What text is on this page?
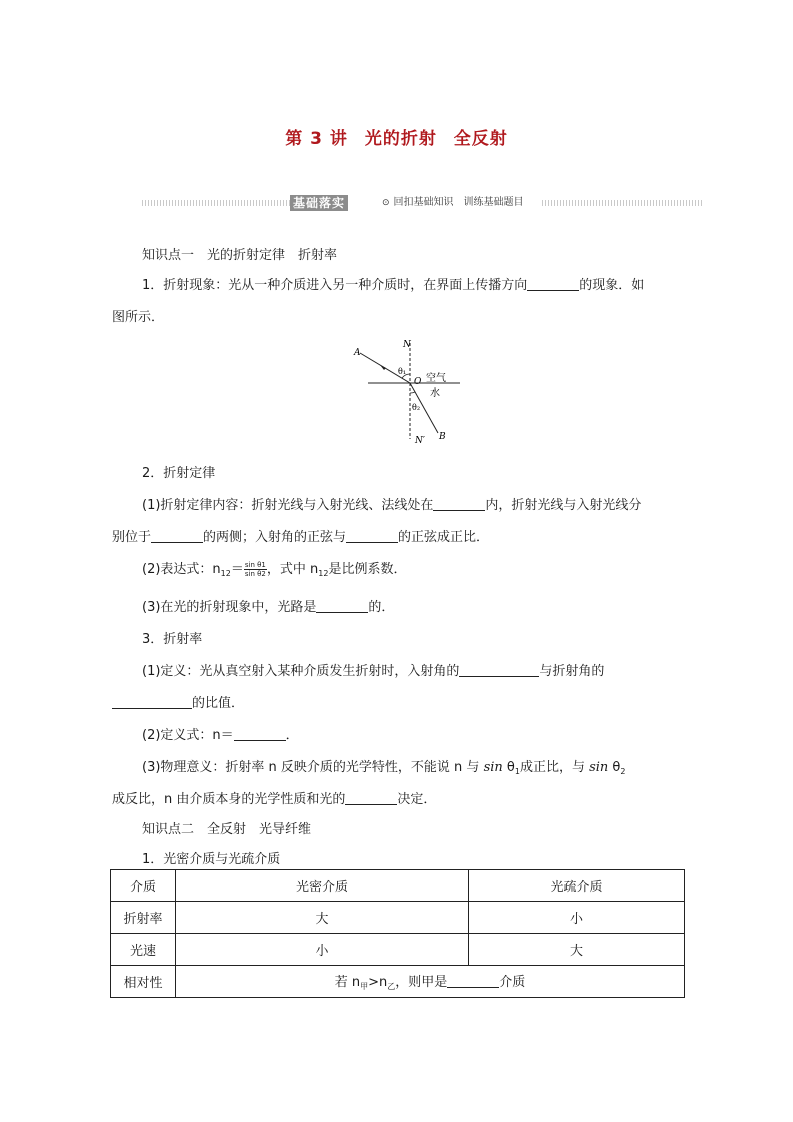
第 3 讲 光的折射 全反射
基础落实	⊙ 回扣基础知识　训练基础题目
知识点一　光的折射定律　折射率
1．折射现象：光从一种介质进入另一种介质时，在界面上传播方向	的现象．如
图所示．
A
N
O
θ₁
θ₂
空气
水
N′ B
2．折射定律
(1)折射定律内容：折射光线与入射光线、法线处在	内，折射光线与入射光线分
别位于	的两侧；入射角的正弦与	的正弦成正比．
(2)表达式：$n_{12}= \frac{\text{sin θ1}}{\text{sin θ2}}$ ，式中 $n_{12}$是比例系数．
(3)在光的折射现象中，光路是	的．
3．折射率
(1)定义：光从真空射入某种介质发生折射时，入射角的	与折射角的
的比值．
(2)定义式：n＝	．
(3)物理意义：折射率 n 反映介质的光学特性，不能说 n 与 $\sin \theta_1$成正比，与 $\sin \theta_2$
成反比，n 由介质本身的光学性质和光的	决定．
知识点二　全反射　光导纤维
1．光密介质与光疏介质
介质	光密介质	光疏介质
折射率	大	小
光速	小	大
相对性	若 $n_甲>n_乙$，则甲是 介质	
